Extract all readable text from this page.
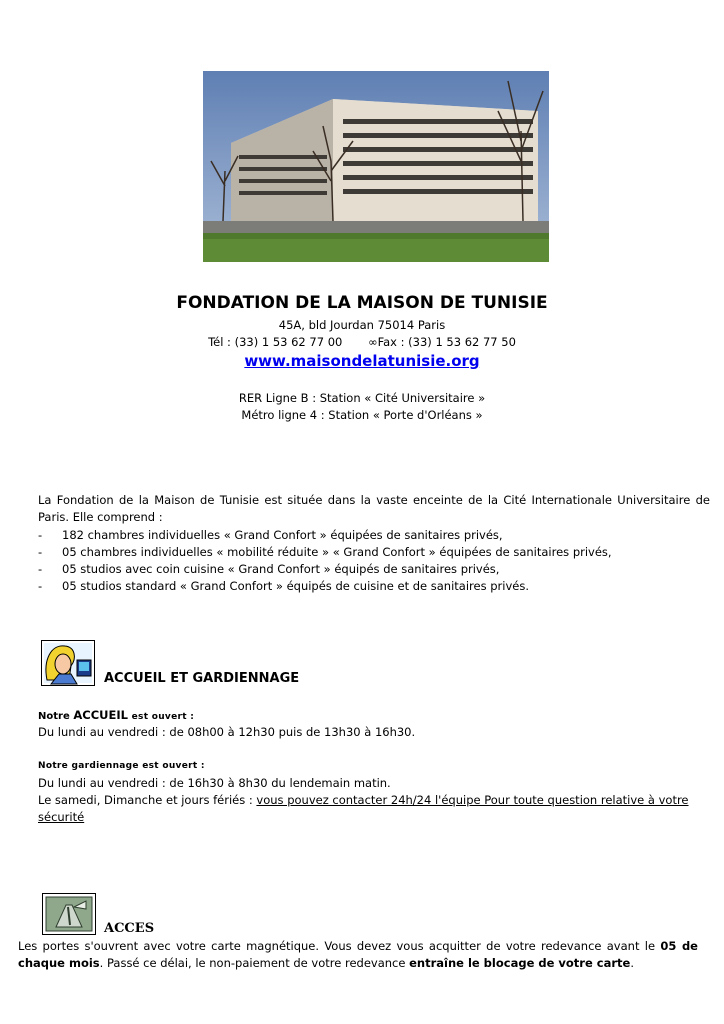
FONDATION DE LA MAISON DE TUNISIE
45A, bld Jourdan 75014 Paris
Tél : (33) 1 53 62 77 00 ∞Fax : (33) 1 53 62 77 50
www.maisondelatunisie.org
RER Ligne B : Station « Cité Universitaire »
Métro ligne 4 : Station « Porte d'Orléans »
La Fondation de la Maison de Tunisie est située dans la vaste enceinte de la Cité Internationale Universitaire de Paris. Elle comprend :
-	182 chambres individuelles « Grand Confort » équipées de sanitaires privés,
-	05 chambres individuelles « mobilité réduite » « Grand Confort » équipées de sanitaires privés,
-	05 studios avec coin cuisine « Grand Confort » équipés de sanitaires privés,
-	05 studios standard « Grand Confort » équipés de cuisine et de sanitaires privés.
ACCUEIL ET GARDIENNAGE
Notre ACCUEIL est ouvert :
Du lundi au vendredi : de 08h00 à 12h30 puis de 13h30 à 16h30.
Notre gardiennage est ouvert :
Du lundi au vendredi : de 16h30 à 8h30 du lendemain matin.
Le samedi, Dimanche et jours fériés : vous pouvez contacter 24h/24 l'équipe Pour toute question relative à votre sécurité
ACCES
Les portes s'ouvrent avec votre carte magnétique. Vous devez vous acquitter de votre redevance avant le 05 de chaque mois. Passé ce délai, le non-paiement de votre redevance entraîne le blocage de votre carte.
